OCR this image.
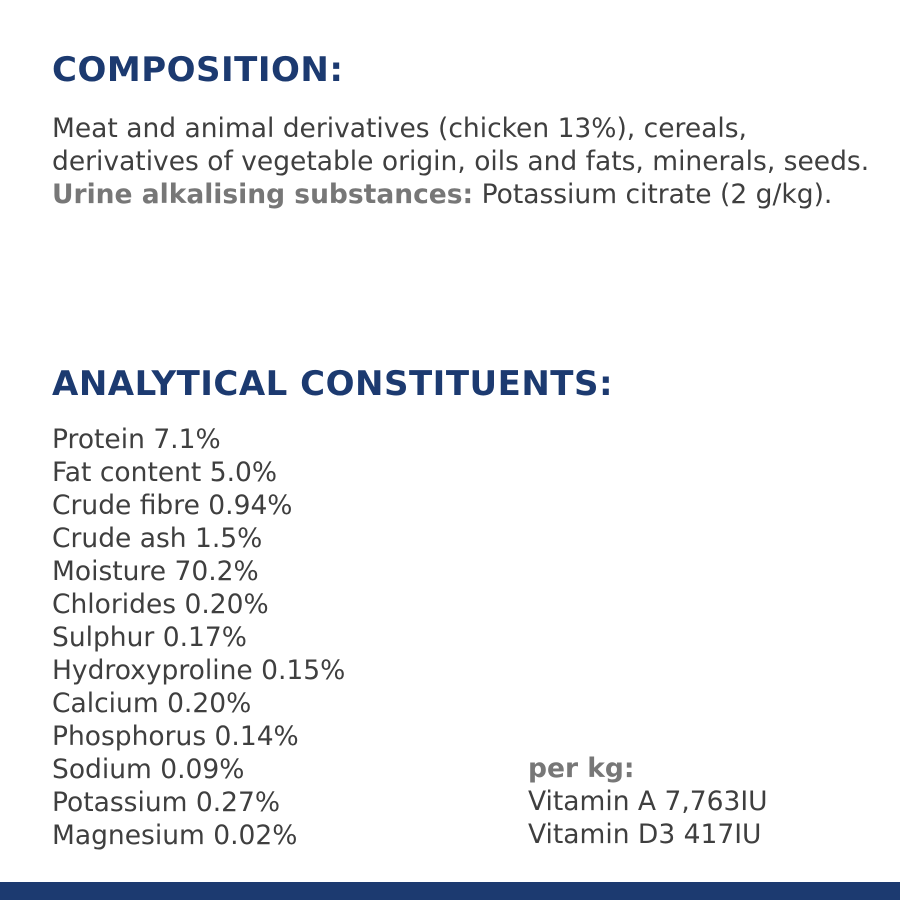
COMPOSITION:

Meat and animal derivatives (chicken 13%), cereals, derivatives of vegetable origin, oils and fats, minerals, seeds.

Urine alkalising substances: Potassium citrate (2 g/kg).

ANALYTICAL CONSTITUENTS:
Protein 7.1%
Fat content 5.0%
Crude fibre 0.94%
Crude ash 1.5%
Moisture 70.2%
Chlorides 0.20%
Sulphur 0.17%
Hydroxyproline 0.15%
Calcium 0.20%
Phosphorus 0.14%
Sodium 0.09%
Potassium 0.27%
Magnesium 0.02%
per kg:
Vitamin A 7,763IU
Vitamin D3 417IU
